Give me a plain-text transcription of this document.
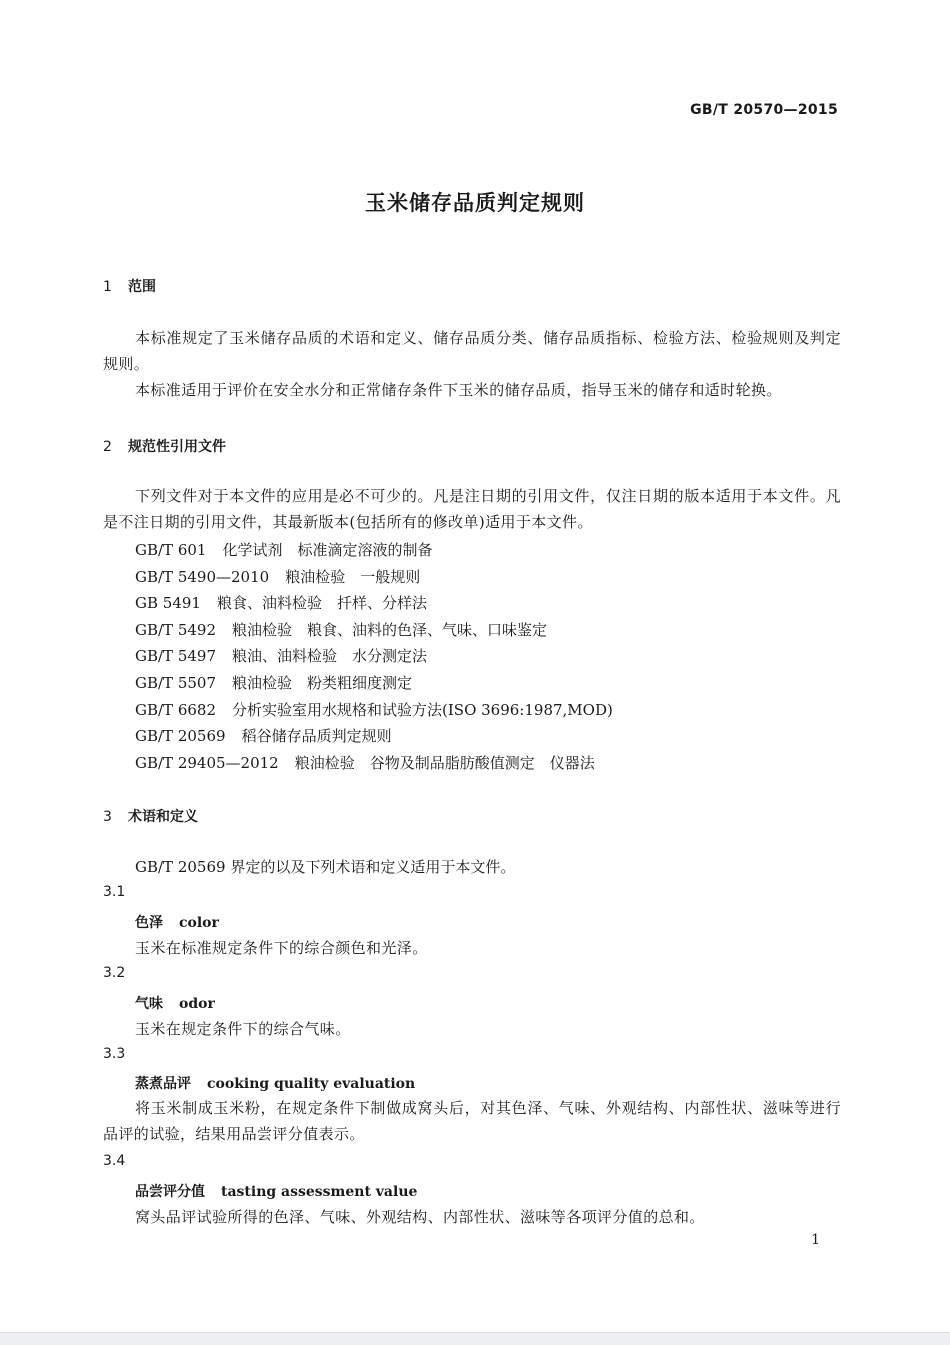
GB/T 20570—2015
玉米储存品质判定规则
1 范围
本标准规定了玉米储存品质的术语和定义、储存品质分类、储存品质指标、检验方法、检验规则及判定规则。
本标准适用于评价在安全水分和正常储存条件下玉米的储存品质，指导玉米的储存和适时轮换。
2 规范性引用文件
下列文件对于本文件的应用是必不可少的。凡是注日期的引用文件，仅注日期的版本适用于本文件。凡是不注日期的引用文件，其最新版本(包括所有的修改单)适用于本文件。
GB/T 601 化学试剂　标准滴定溶液的制备
GB/T 5490—2010 粮油检验　一般规则
GB 5491 粮食、油料检验　扦样、分样法
GB/T 5492 粮油检验　粮食、油料的色泽、气味、口味鉴定
GB/T 5497 粮油、油料检验　水分测定法
GB/T 5507 粮油检验　粉类粗细度测定
GB/T 6682 分析实验室用水规格和试验方法(ISO 3696:1987,MOD)
GB/T 20569 稻谷储存品质判定规则
GB/T 29405—2012 粮油检验　谷物及制品脂肪酸值测定　仪器法
3 术语和定义
GB/T 20569 界定的以及下列术语和定义适用于本文件。
3.1
色泽 color
玉米在标准规定条件下的综合颜色和光泽。
3.2
气味 odor
玉米在规定条件下的综合气味。
3.3
蒸煮品评 cooking quality evaluation
将玉米制成玉米粉，在规定条件下制做成窝头后，对其色泽、气味、外观结构、内部性状、滋味等进行品评的试验，结果用品尝评分值表示。
3.4
品尝评分值 tasting assessment value
窝头品评试验所得的色泽、气味、外观结构、内部性状、滋味等各项评分值的总和。
1
